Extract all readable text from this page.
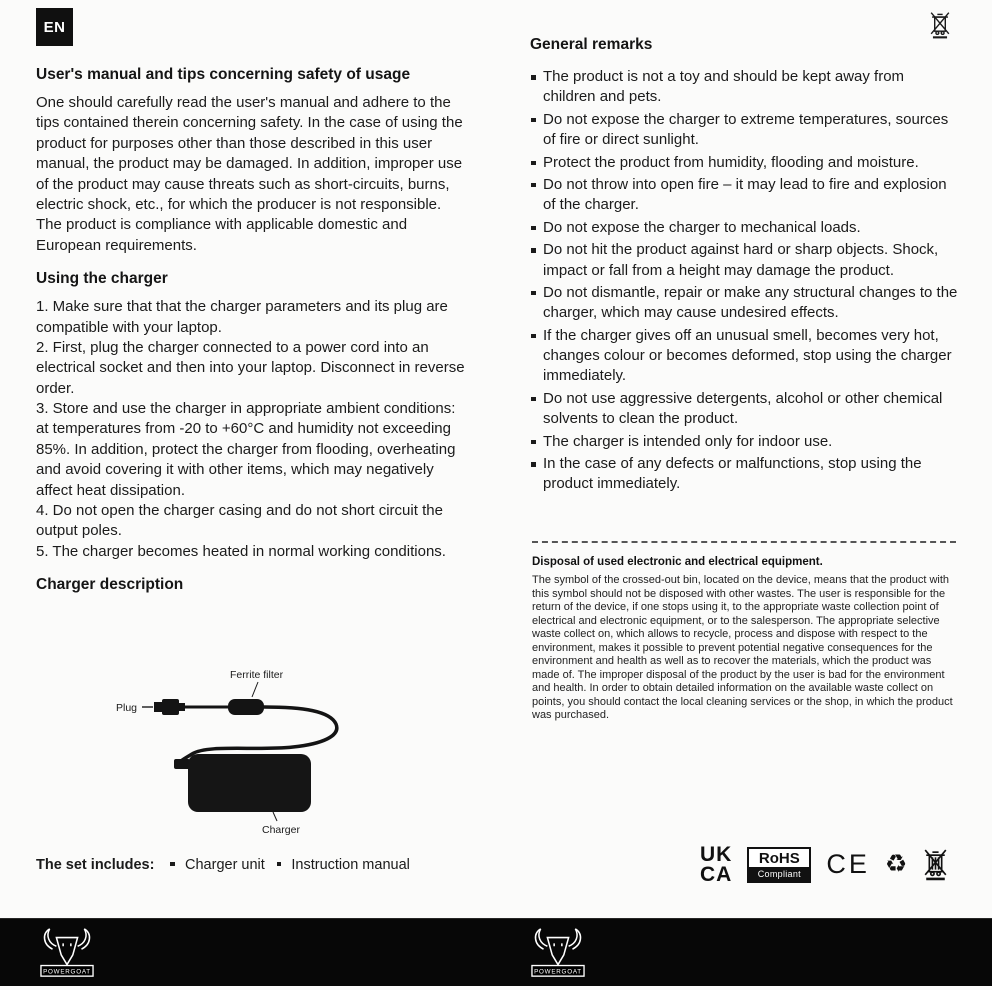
EN
User's manual and tips concerning safety of usage

One should carefully read the user's manual and adhere to the tips contained therein concerning safety. In the case of using the product for purposes other than those described in this user manual, the product may be damaged. In addition, improper use of the product may cause threats such as short-circuits, burns, electric shock, etc., for which the producer is not responsible. The product is compliance with applicable domestic and European requirements.

Using the charger

1. Make sure that that the charger parameters and its plug are compatible with your laptop.

2. First, plug the charger connected to a power cord into an electrical socket and then into your laptop. Disconnect in reverse order.

3. Store and use the charger in appropriate ambient conditions: at temperatures from -20 to +60°C and humidity not exceeding 85%. In addition, protect the charger from flooding, overheating and avoid covering it with other items, which may negatively affect heat dissipation.

4. Do not open the charger casing and do not short circuit the output poles.

5. The charger becomes heated in normal working conditions.

Charger description
Ferrite filter
Plug
Charger
The set includes: Charger unit Instruction manual
General remarks
The product is not a toy and should be kept away from children and pets.
Do not expose the charger to extreme temperatures, sources of fire or direct sunlight.
Protect the product from humidity, flooding and moisture.
Do not throw into open fire – it may lead to fire and explosion of the charger.
Do not expose the charger to mechanical loads.
Do not hit the product against hard or sharp objects. Shock, impact or fall from a height may damage the product.
Do not dismantle, repair or make any structural changes to the charger, which may cause undesired effects.
If the charger gives off an unusual smell, becomes very hot, changes colour or becomes deformed, stop using the charger immediately.
Do not use aggressive detergents, alcohol or other chemical solvents to clean the product.
The charger is intended only for indoor use.
In the case of any defects or malfunctions, stop using the product immediately.
Disposal of used electronic and electrical equipment.

The symbol of the crossed-out bin, located on the device, means that the product with this symbol should not be disposed with other wastes. The user is responsible for the return of the device, if one stops using it, to the appropriate waste collection point of electrical and electronic equipment, or to the salesperson. The appropriate selective waste collect on, which allows to recycle, process and dispose with respect to the environment, makes it possible to prevent potential negative consequences for the environment and health as well as to recover the materials, which the product was made of. The improper disposal of the product by the user is bad for the environment and health. In order to obtain detailed information on the available waste collect on points, you should contact the local cleaning services or the shop, in which the product was purchased.

UK
CA
RoHS
Compliant CE ♻
POWERGOAT	POWERGOAT
